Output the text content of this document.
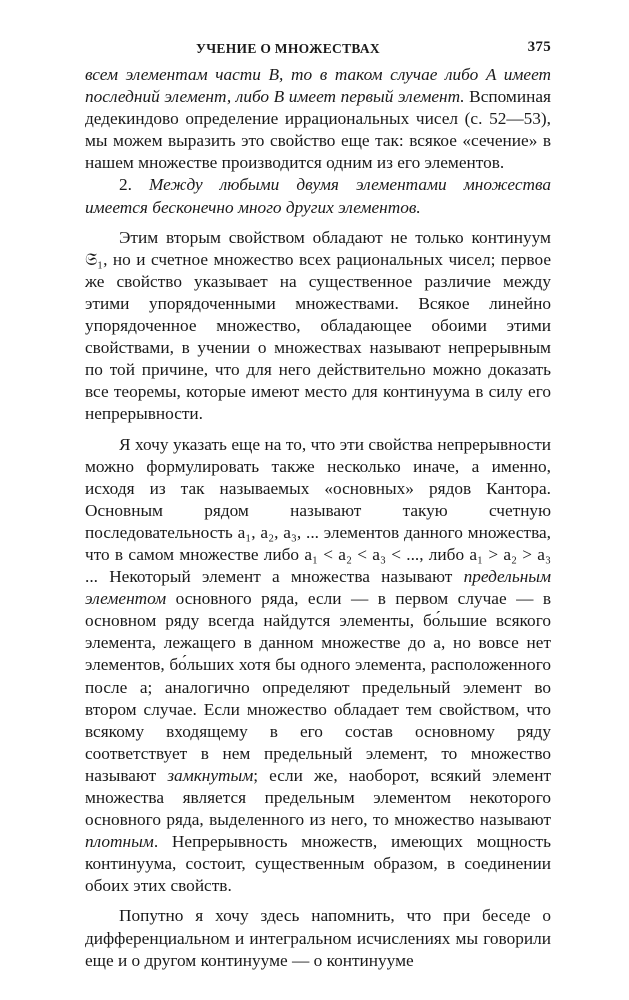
УЧЕНИЕ О МНОЖЕСТВАХ	375

всем элементам части B, то в таком случае либо A имеет последний элемент, либо B имеет первый элемент. Вспоминая дедекиндово определение иррациональных чисел (с. 52—53), мы можем выразить это свойство еще так: всякое «сечение» в нашем множестве производится одним из его элементов.

2. Между любыми двумя элементами множества имеется бесконечно много других элементов.

Этим вторым свойством обладают не только континуум 𝔖₁, но и счетное множество всех рациональных чисел; первое же свойство указывает на существенное различие между этими упорядоченными множествами. Всякое линейно упорядоченное множество, обладающее обоими этими свойствами, в учении о множествах называют непрерывным по той причине, что для него действительно можно доказать все теоремы, которые имеют место для континуума в силу его непрерывности.

Я хочу указать еще на то, что эти свойства непрерывности можно формулировать также несколько иначе, а именно, исходя из так называемых «основных» рядов Кантора. Основным рядом называют такую счетную последовательность a₁, a₂, a₃, ... элементов данного множества, что в самом множестве либо a₁ < a₂ < a₃ < ..., либо a₁ > a₂ > a₃ ... Некоторый элемент a множества называют предельным элементом основного ряда, если — в первом случае — в основном ряду всегда найдутся элементы, бо́льшие всякого элемента, лежащего в данном множестве до a, но вовсе нет элементов, бо́льших хотя бы одного элемента, расположенного после a; аналогично определяют предельный элемент во втором случае. Если множество обладает тем свойством, что всякому входящему в его состав основному ряду соответствует в нем предельный элемент, то множество называют замкнутым; если же, наоборот, всякий элемент множества является предельным элементом некоторого основного ряда, выделенного из него, то множество называют плотным. Непрерывность множеств, имеющих мощность континуума, состоит, существенным образом, в соединении обоих этих свойств.

Попутно я хочу здесь напомнить, что при беседе о дифференциальном и интегральном исчислениях мы говорили еще и о другом континууме — о континууме
